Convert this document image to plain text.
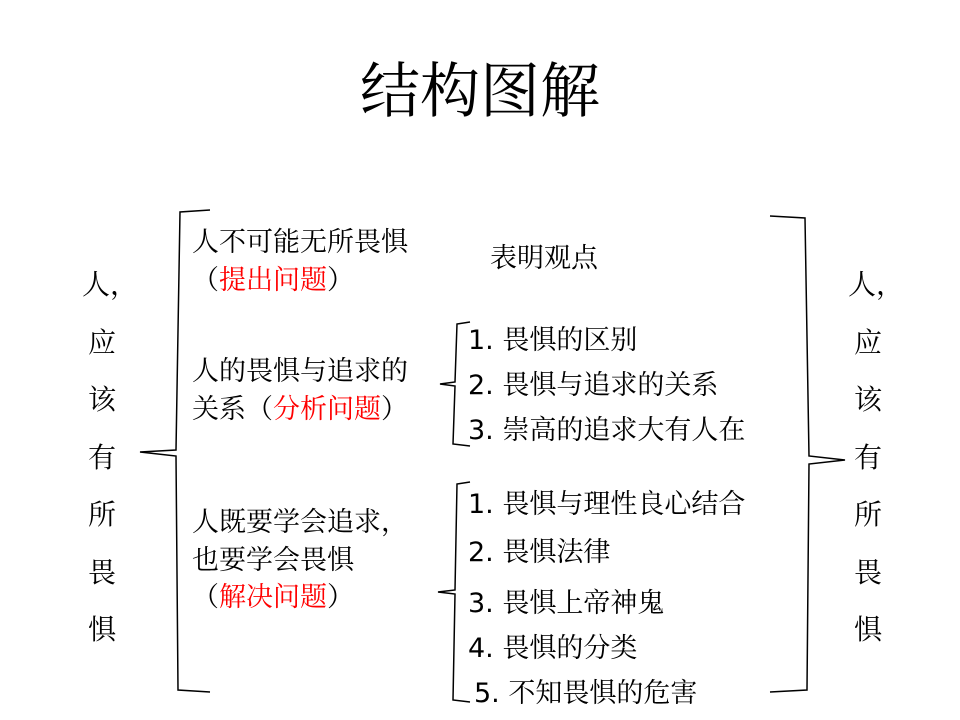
结构图解
人，
应
该
有
所
畏
惧
人，
应
该
有
所
畏
惧
人不可能无所畏惧
（提出问题）
表明观点
人的畏惧与追求的
关系（分析问题）
1. 畏惧的区别
2. 畏惧与追求的关系
3. 崇高的追求大有人在
人既要学会追求，
也要学会畏惧
（解决问题）
1. 畏惧与理性良心结合
2. 畏惧法律
3. 畏惧上帝神鬼
4. 畏惧的分类
5. 不知畏惧的危害
